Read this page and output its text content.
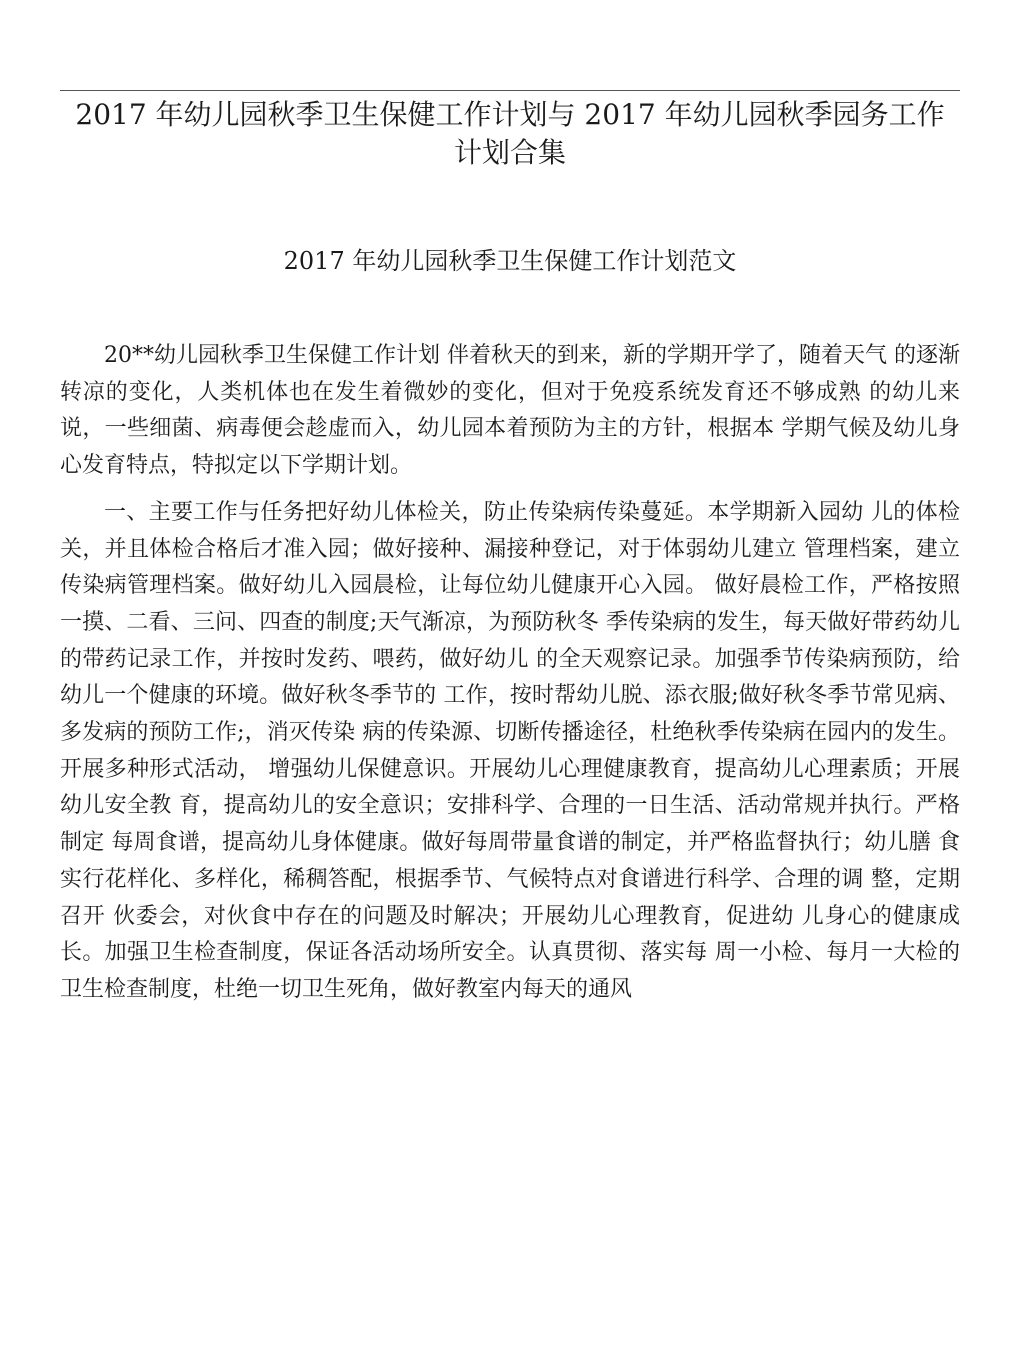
2017 年幼儿园秋季卫生保健工作计划与 2017 年幼儿园秋季园务工作
计划合集
2017 年幼儿园秋季卫生保健工作计划范文

20**幼儿园秋季卫生保健工作计划 伴着秋天的到来，新的学期开学了，随着天气 的逐渐转凉的变化，人类机体也在发生着微妙的变化，但对于免疫系统发育还不够成熟 的幼儿来说，一些细菌、病毒便会趁虚而入，幼儿园本着预防为主的方针，根据本 学期气候及幼儿身心发育特点，特拟定以下学期计划。

一、主要工作与任务把好幼儿体检关，防止传染病传染蔓延。本学期新入园幼 儿的体检关，并且体检合格后才准入园；做好接种、漏接种登记，对于体弱幼儿建立 管理档案，建立传染病管理档案。做好幼儿入园晨检，让每位幼儿健康开心入园。 做好晨检工作，严格按照一摸、二看、三问、四查的制度;天气渐凉，为预防秋冬 季传染病的发生，每天做好带药幼儿的带药记录工作，并按时发药、喂药，做好幼儿 的全天观察记录。加强季节传染病预防，给幼儿一个健康的环境。做好秋冬季节的 工作，按时帮幼儿脱、添衣服;做好秋冬季节常见病、多发病的预防工作;，消灭传染 病的传染源、切断传播途径，杜绝秋季传染病在园内的发生。开展多种形式活动， 增强幼儿保健意识。开展幼儿心理健康教育，提高幼儿心理素质；开展幼儿安全教 育，提高幼儿的安全意识；安排科学、合理的一日生活、活动常规并执行。严格制定 每周食谱，提高幼儿身体健康。做好每周带量食谱的制定，并严格监督执行；幼儿膳 食实行花样化、多样化，稀稠答配，根据季节、气候特点对食谱进行科学、合理的调 整，定期召开 伙委会，对伙食中存在的问题及时解决；开展幼儿心理教育，促进幼 儿身心的健康成长。加强卫生检查制度，保证各活动场所安全。认真贯彻、落实每 周一小检、每月一大检的卫生检查制度，杜绝一切卫生死角，做好教室内每天的通风
